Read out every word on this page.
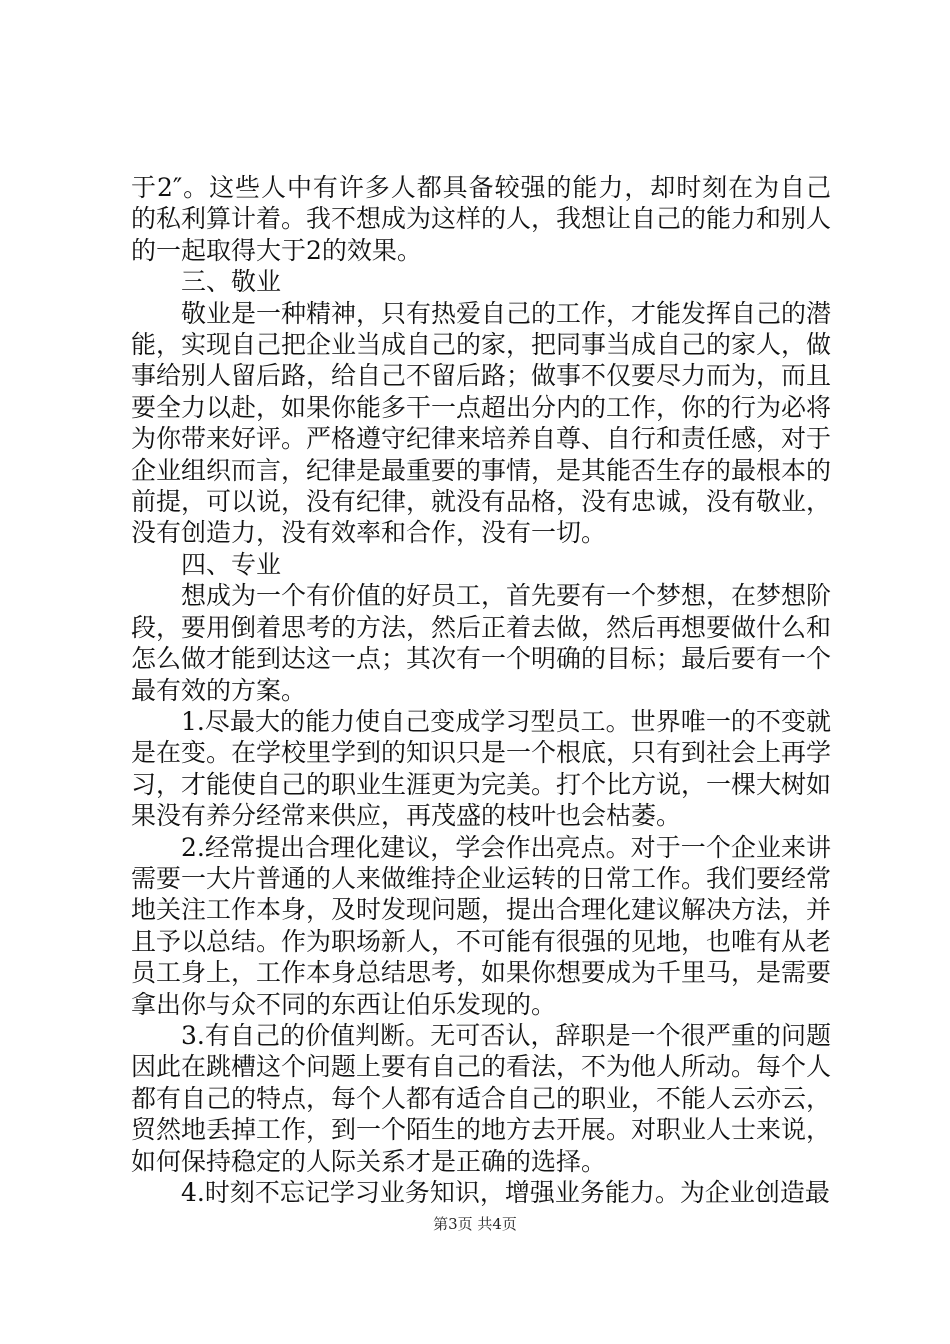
于2″。这些人中有许多人都具备较强的能力，却时刻在为自己的私利算计着。我不想成为这样的人，我想让自己的能力和别人的一起取得大于2的效果。

三、敬业

敬业是一种精神，只有热爱自己的工作，才能发挥自己的潜能，实现自己把企业当成自己的家，把同事当成自己的家人，做事给别人留后路，给自己不留后路；做事不仅要尽力而为，而且要全力以赴，如果你能多干一点超出分内的工作，你的行为必将为你带来好评。严格遵守纪律来培养自尊、自行和责任感，对于企业组织而言，纪律是最重要的事情，是其能否生存的最根本的前提，可以说，没有纪律，就没有品格，没有忠诚，没有敬业，没有创造力，没有效率和合作，没有一切。

四、专业

想成为一个有价值的好员工，首先要有一个梦想，在梦想阶段，要用倒着思考的方法，然后正着去做，然后再想要做什么和怎么做才能到达这一点；其次有一个明确的目标；最后要有一个最有效的方案。

1.尽最大的能力使自己变成学习型员工。世界唯一的不变就是在变。在学校里学到的知识只是一个根底，只有到社会上再学习，才能使自己的职业生涯更为完美。打个比方说，一棵大树如果没有养分经常来供应，再茂盛的枝叶也会枯萎。

2.经常提出合理化建议，学会作出亮点。对于一个企业来讲需要一大片普通的人来做维持企业运转的日常工作。我们要经常地关注工作本身，及时发现问题，提出合理化建议解决方法，并且予以总结。作为职场新人，不可能有很强的见地，也唯有从老员工身上，工作本身总结思考，如果你想要成为千里马，是需要拿出你与众不同的东西让伯乐发现的。

3.有自己的价值判断。无可否认，辞职是一个很严重的问题因此在跳槽这个问题上要有自己的看法，不为他人所动。每个人都有自己的特点，每个人都有适合自己的职业，不能人云亦云，贸然地丢掉工作，到一个陌生的地方去开展。对职业人士来说，如何保持稳定的人际关系才是正确的选择。

4.时刻不忘记学习业务知识，增强业务能力。为企业创造最

第3页 共4页
